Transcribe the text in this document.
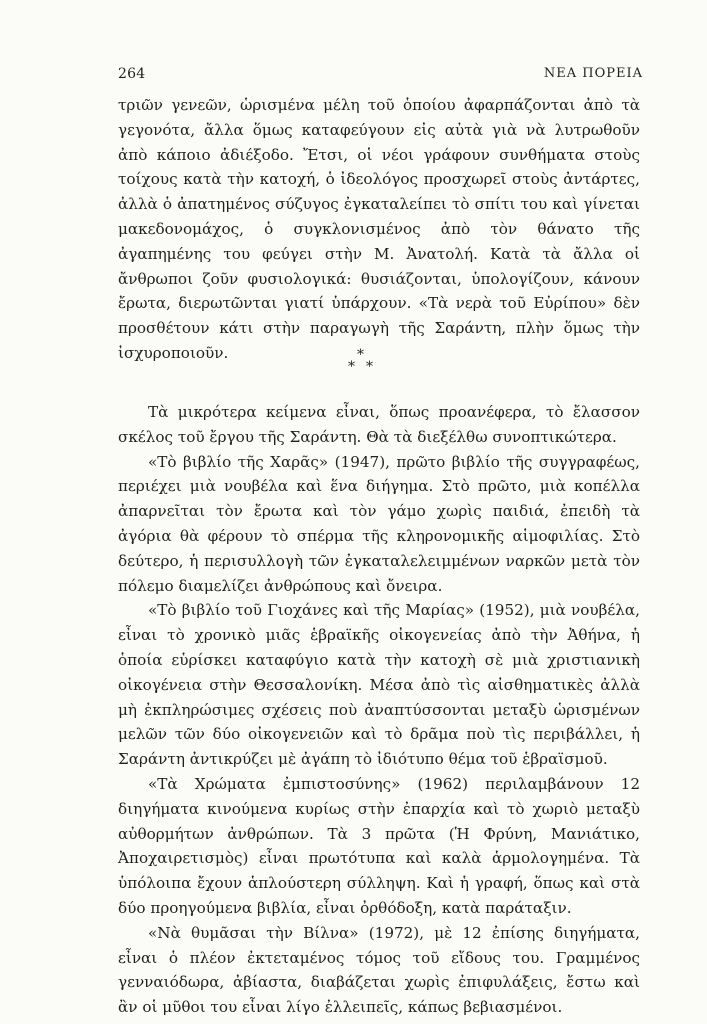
264	ΝΕΑ ΠΟΡΕΙΑ

τριῶν γενεῶν, ὡρισμένα μέλη τοῦ ὁποίου ἀφαρπάζονται ἀπὸ τὰ γεγονότα, ἄλλα ὅμως καταφεύγουν εἰς αὐτὰ γιὰ νὰ λυτρωθοῦν ἀπὸ κάποιο ἀδιέξοδο. Ἔτσι, οἱ νέοι γράφουν συνθήματα στοὺς τοίχους κατὰ τὴν κατοχή, ὁ ἰδεολόγος προσχωρεῖ στοὺς ἀντάρτες, ἀλλὰ ὁ ἀπατημένος σύζυγος ἐγκαταλείπει τὸ σπίτι του καὶ γίνεται μακεδονομάχος, ὁ συγκλονισμένος ἀπὸ τὸν θάνατο τῆς ἀγαπημένης του φεύγει στὴν Μ. Ἀνατολή. Κατὰ τὰ ἄλλα οἱ ἄνθρωποι ζοῦν φυσιολογικά: θυσιάζονται, ὑπολογίζουν, κάνουν ἔρωτα, διερωτῶνται γιατί ὑπάρχουν. «Τὰ νερὰ τοῦ Εὐρίπου» δὲν προσθέτουν κάτι στὴν παραγωγὴ τῆς Σαράντη, πλὴν ὅμως τὴν ἰσχυροποιοῦν.	*
* *

Τὰ μικρότερα κείμενα εἶναι, ὅπως προανέφερα, τὸ ἔλασσον σκέλος τοῦ ἔργου τῆς Σαράντη. Θὰ τὰ διεξέλθω συνοπτικώτερα.

«Τὸ βιβλίο τῆς Χαρᾶς» (1947), πρῶτο βιβλίο τῆς συγγραφέως, περιέχει μιὰ νουβέλα καὶ ἕνα διήγημα. Στὸ πρῶτο, μιὰ κοπέλλα ἀπαρνεῖται τὸν ἔρωτα καὶ τὸν γάμο χωρὶς παιδιά, ἐπειδὴ τὰ ἀγόρια θὰ φέρουν τὸ σπέρμα τῆς κληρονομικῆς αἱμοφιλίας. Στὸ δεύτερο, ἡ περισυλλογὴ τῶν ἐγκαταλελειμμένων ναρκῶν μετὰ τὸν πόλεμο διαμελίζει ἀνθρώπους καὶ ὄνειρα.

«Τὸ βιβλίο τοῦ Γιοχάνες καὶ τῆς Μαρίας» (1952), μιὰ νουβέλα, εἶναι τὸ χρονικὸ μιᾶς ἑβραϊκῆς οἰκογενείας ἀπὸ τὴν Ἀθήνα, ἡ ὁποία εὑρίσκει καταφύγιο κατὰ τὴν κατοχὴ σὲ μιὰ χριστιανικὴ οἰκογένεια στὴν Θεσσαλονίκη. Μέσα ἀπὸ τὶς αἰσθηματικὲς ἀλλὰ μὴ ἐκπληρώσιμες σχέσεις ποὺ ἀναπτύσσονται μεταξὺ ὡρισμένων μελῶν τῶν δύο οἰκογενειῶν καὶ τὸ δρᾶμα ποὺ τὶς περιβάλλει, ἡ Σαράντη ἀντικρύζει μὲ ἀγάπη τὸ ἰδιότυπο θέμα τοῦ ἑβραϊσμοῦ.

«Τὰ Χρώματα ἐμπιστοσύνης» (1962) περιλαμβάνουν 12 διηγήματα κινούμενα κυρίως στὴν ἐπαρχία καὶ τὸ χωριὸ μεταξὺ αὐθορμήτων ἀνθρώπων. Τὰ 3 πρῶτα (Ἡ Φρύνη, Μανιάτικο, Ἀποχαιρετισμὸς) εἶναι πρωτότυπα καὶ καλὰ ἁρμολογημένα. Τὰ ὑπόλοιπα ἔχουν ἁπλούστερη σύλληψη. Καὶ ἡ γραφή, ὅπως καὶ στὰ δύο προηγούμενα βιβλία, εἶναι ὀρθόδοξη, κατὰ παράταξιν.

«Νὰ θυμᾶσαι τὴν Βίλνα» (1972), μὲ 12 ἐπίσης διηγήματα, εἶναι ὁ πλέον ἐκτεταμένος τόμος τοῦ εἴδους του. Γραμμένος γενναιόδωρα, ἀβίαστα, διαβάζεται χωρὶς ἐπιφυλάξεις, ἔστω καὶ ἂν οἱ μῦθοι του εἶναι λίγο ἐλλειπεῖς, κάπως βεβιασμένοι.
